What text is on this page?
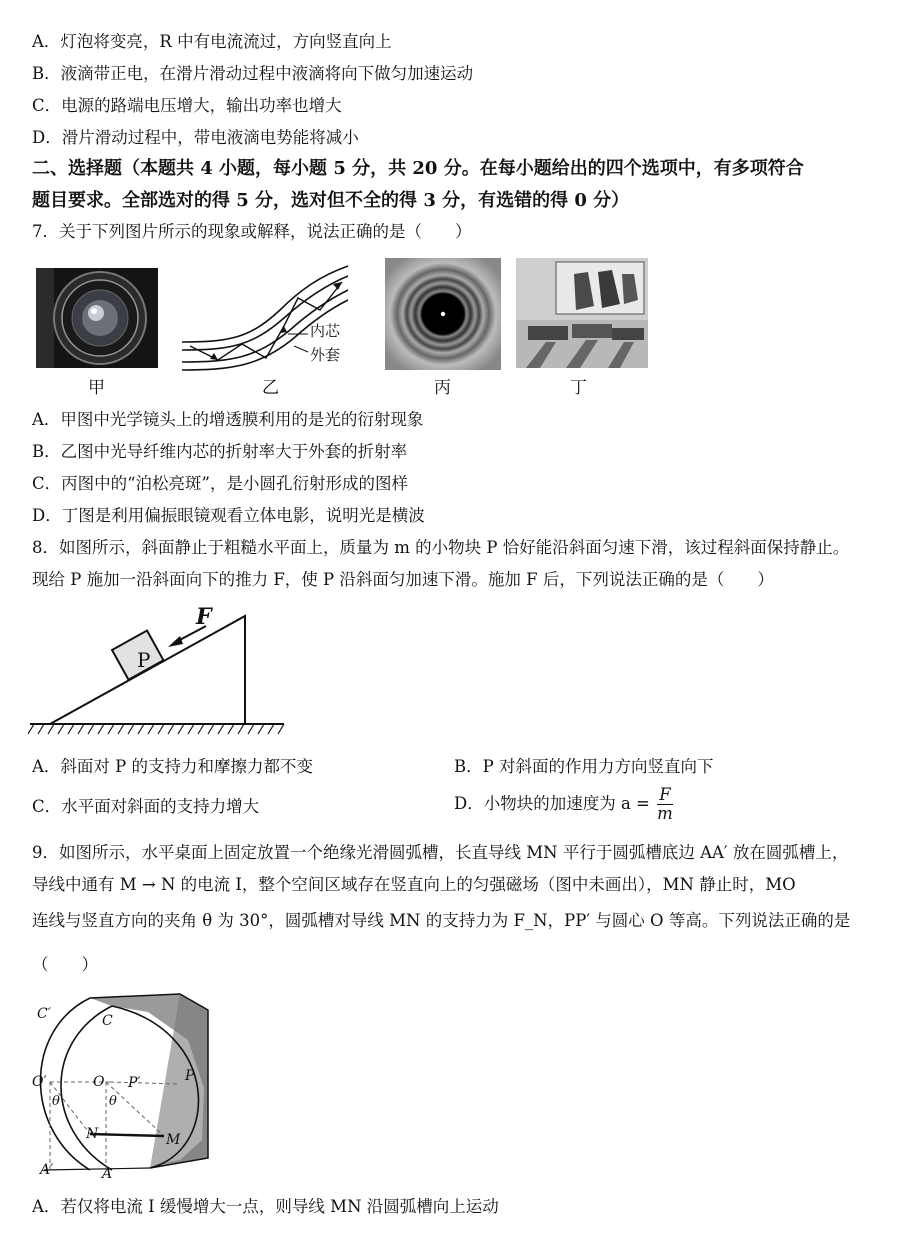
A．灯泡将变亮，R 中有电流流过，方向竖直向上
B．液滴带正电，在滑片滑动过程中液滴将向下做匀加速运动
C．电源的路端电压增大，输出功率也增大
D．滑片滑动过程中，带电液滴电势能将减小
二、选择题（本题共 4 小题，每小题 5 分，共 20 分。在每小题给出的四个选项中，有多项符合
题目要求。全部选对的得 5 分，选对但不全的得 3 分，有选错的得 0 分）
7．关于下列图片所示的现象或解释，说法正确的是（　　）
甲
内芯
外套
乙	丙	丁
A．甲图中光学镜头上的增透膜利用的是光的衍射现象
B．乙图中光导纤维内芯的折射率大于外套的折射率
C．丙图中的“泊松亮斑”，是小圆孔衍射形成的图样
D．丁图是利用偏振眼镜观看立体电影，说明光是横波
8．如图所示，斜面静止于粗糙水平面上，质量为 m 的小物块 P 恰好能沿斜面匀速下滑，该过程斜面保持静止。
现给 P 施加一沿斜面向下的推力 F，使 P 沿斜面匀加速下滑。施加 F 后，下列说法正确的是（　　）
F
P
A．斜面对 P 的支持力和摩擦力都不变	B．P 对斜面的作用力方向竖直向下
C．水平面对斜面的支持力增大	D．小物块的加速度为 $a = \frac{F}{m}$
9．如图所示，水平桌面上固定放置一个绝缘光滑圆弧槽，长直导线 MN 平行于圆弧槽底边 AA′ 放在圆弧槽上，
导线中通有 M → N 的电流 I，整个空间区域存在竖直向上的匀强磁场（图中未画出），MN 静止时，MO
连线与竖直方向的夹角 θ 为 30°，圆弧槽对导线 MN 的支持力为 F_N，PP′ 与圆心 O 等高。下列说法正确的是
（　　）
C′	C
O′	O P′	P
θ	θ
N	M
A′	A
A．若仅将电流 I 缓慢增大一点，则导线 MN 沿圆弧槽向上运动
